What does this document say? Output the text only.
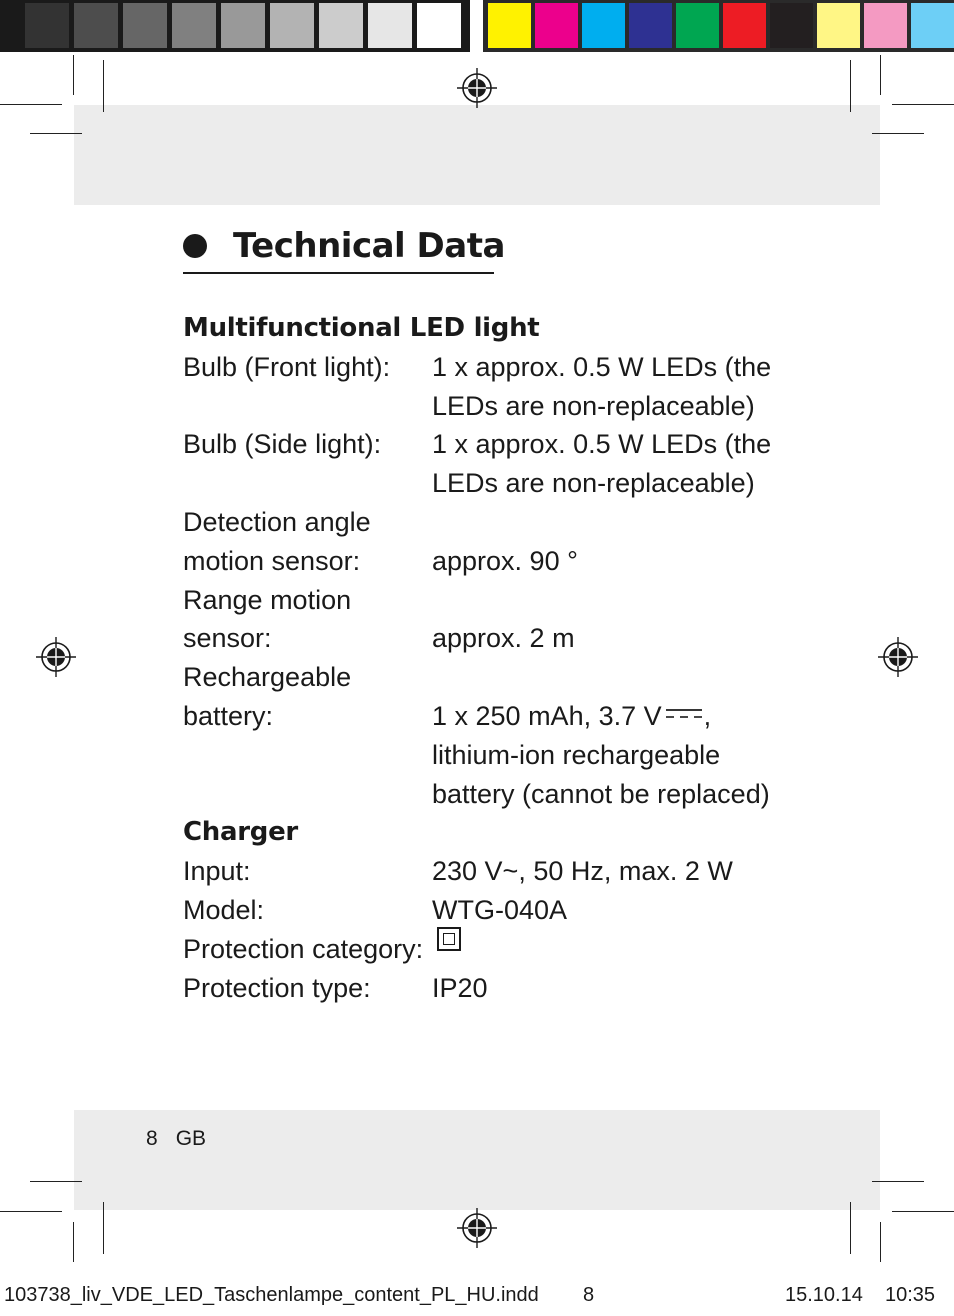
Technical Data
Multifunctional LED light
Bulb (Front light):	1 x approx. 0.5 W LEDs (the
LEDs are non-replaceable)
Bulb (Side light):	1 x approx. 0.5 W LEDs (the
LEDs are non-replaceable)
Detection angle
motion sensor:	approx. 90 °
Range motion
sensor:	approx. 2 m
Rechargeable
battery:	1 x 250 mAh, 3.7 V ,
lithium-ion rechargeable
battery (cannot be replaced)
Charger
Input:	230 V~, 50 Hz, max. 2 W
Model:	WTG-040A
Protection category:
Protection type:	IP20
8 GB
103738_liv_VDE_LED_Taschenlampe_content_PL_HU.indd 8	15.10.14 10:35
